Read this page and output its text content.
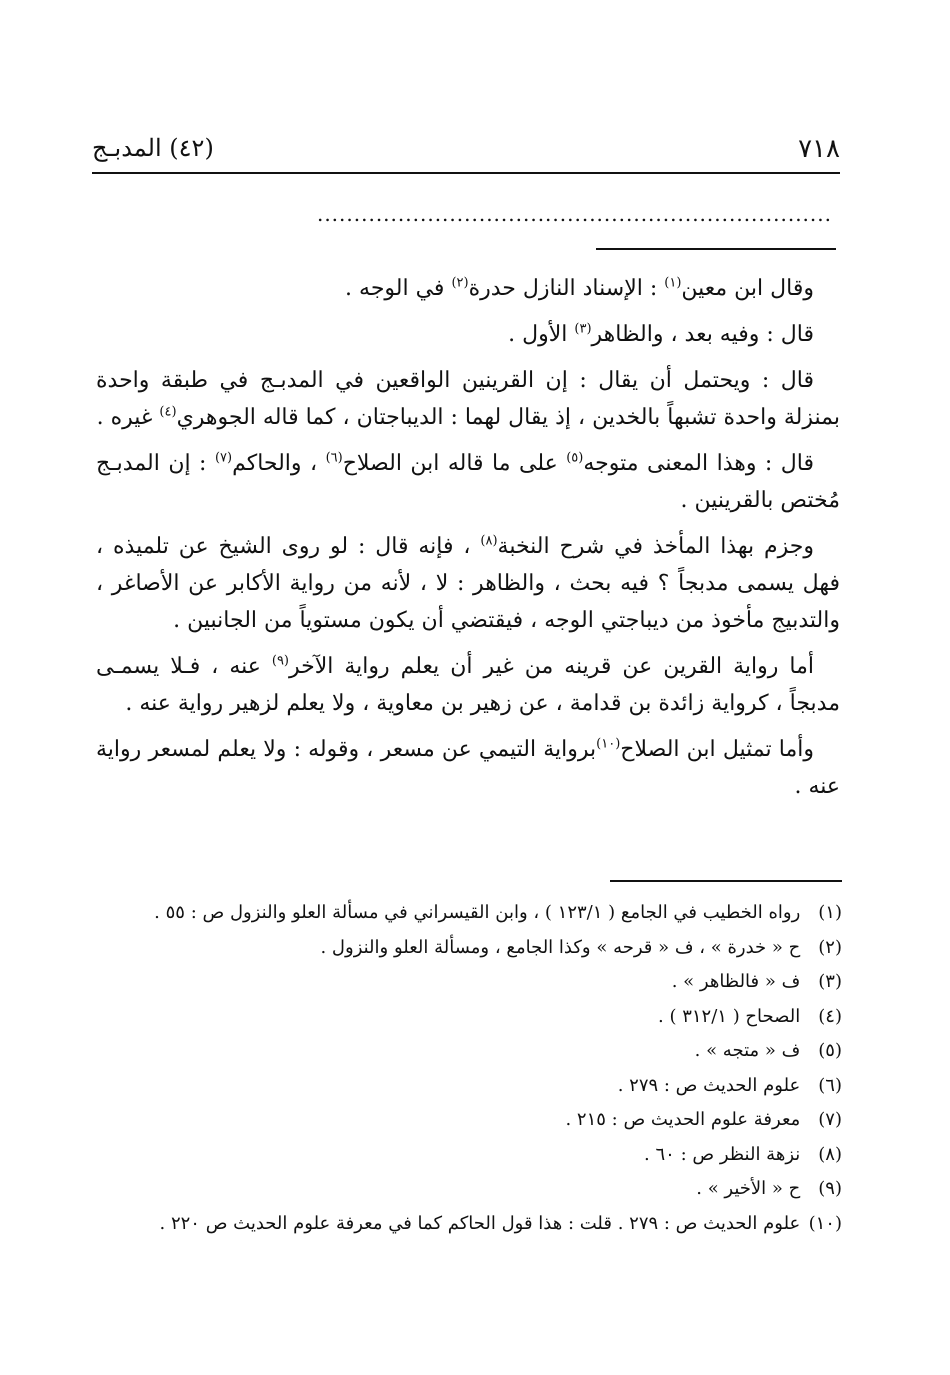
٧١٨
(٤٢) المدبـج
......................................................................

وقال ابن معين$^{(١)}$ : الإسناد النازل حدرة$^{(٢)}$ في الوجه .

قال : وفيه بعد ، والظاهر$^{(٣)}$ الأول .

قال : ويحتمل أن يقال : إن القرينين الواقعين في المدبـج في طبقة واحدة بمنزلة واحدة تشبهاً بالخدين ، إذ يقال لهما : الديباجتان ، كما قاله الجوهري$^{(٤)}$ غيره .

قال : وهذا المعنى متوجه$^{(٥)}$ على ما قاله ابن الصلاح$^{(٦)}$ ، والحاكم$^{(٧)}$ : إن المدبـج مُختص بالقرينين .

وجزم بهذا المأخذ في شرح النخبة$^{(٨)}$ ، فإنه قال : لو روى الشيخ عن تلميذه ، فهل يسمى مدبجاً ؟ فيه بحث ، والظاهر : لا ، لأنه من رواية الأكابر عن الأصاغر ، والتدبيج مأخوذ من ديباجتي الوجه ، فيقتضي أن يكون مستوياً من الجانبين .

أما رواية القرين عن قرينه من غير أن يعلم رواية الآخر$^{(٩)}$ عنه ، فـلا يسمـى مدبجاً ، كرواية زائدة بن قدامة ، عن زهير بن معاوية ، ولا يعلم لزهير رواية عنه .

وأما تمثيل ابن الصلاح$^{(١٠)}$برواية التيمي عن مسعر ، وقوله : ولا يعلم لمسعر رواية عنه .

(١) رواه الخطيب في الجامع ( ١٢٣/١ ) ، وابن القيسراني في مسألة العلو والنزول ص : ٥٥ .
(٢) ح « خدرة » ، ف « قرحه » وكذا الجامع ، ومسألة العلو والنزول .
(٣) ف « فالظاهر » .
(٤) الصحاح ( ٣١٢/١ ) .
(٥) ف « متجه » .
(٦) علوم الحديث ص : ٢٧٩ .
(٧) معرفة علوم الحديث ص : ٢١٥ .
(٨) نزهة النظر ص : ٦٠ .
(٩) ح « الأخير » .
(١٠) علوم الحديث ص : ٢٧٩ . قلت : هذا قول الحاكم كما في معرفة علوم الحديث ص ٢٢٠ .
